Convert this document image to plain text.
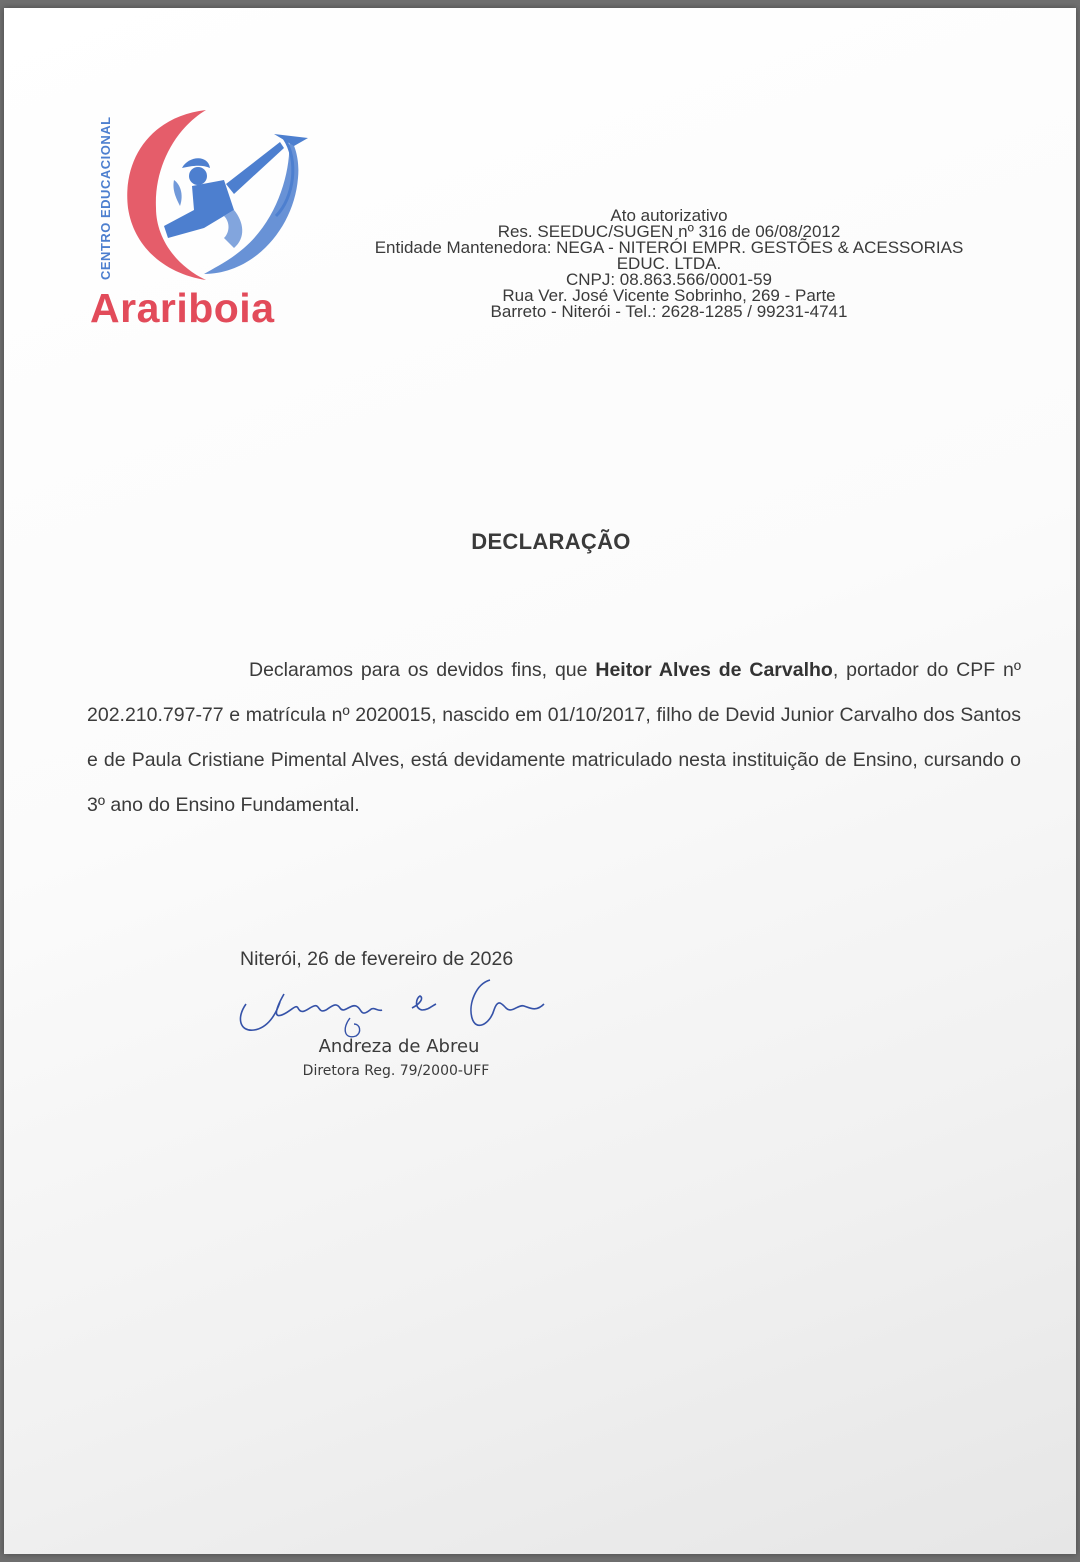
CENTRO EDUCACIONAL
Arariboia
Ato autorizativo
Res. SEEDUC/SUGEN nº 316 de 06/08/2012
Entidade Mantenedora: NEGA - NITERÓI EMPR. GESTÕES & ACESSORIAS
EDUC. LTDA.
CNPJ: 08.863.566/0001-59
Rua Ver. José Vicente Sobrinho, 269 - Parte
Barreto - Niterói - Tel.: 2628-1285 / 99231-4741
DECLARAÇÃO

Declaramos para os devidos fins, que Heitor Alves de Carvalho, portador do CPF nº 202.210.797-77 e matrícula nº 2020015, nascido em 01/10/2017, filho de Devid Junior Carvalho dos Santos e de Paula Cristiane Pimental Alves, está devidamente matriculado nesta instituição de Ensino, cursando o 3º ano do Ensino Fundamental.

Niterói, 26 de fevereiro de 2026
Andreza de Abreu
Diretora Reg. 79/2000-UFF
